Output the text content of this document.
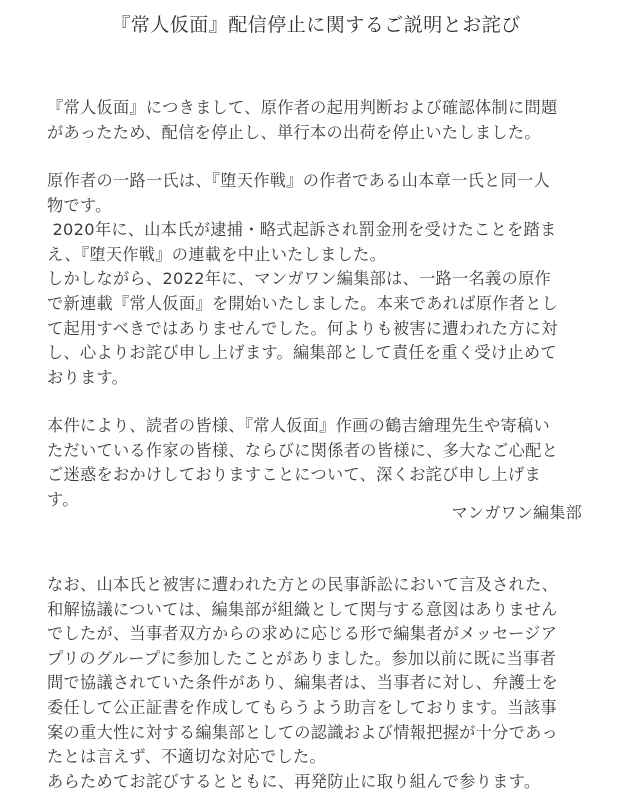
『常人仮面』配信停止に関するご説明とお詫び
『常人仮面』につきまして、原作者の起用判断および確認体制に問題
があったため、配信を停止し、単行本の出荷を停止いたしました。
原作者の一路一氏は、『堕天作戦』の作者である山本章一氏と同一人
物です。
2020年に、山本氏が逮捕・略式起訴され罰金刑を受けたことを踏ま
え、『堕天作戦』の連載を中止いたしました。
しかしながら、2022年に、マンガワン編集部は、一路一名義の原作
で新連載『常人仮面』を開始いたしました。本来であれば原作者とし
て起用すべきではありませんでした。何よりも被害に遭われた方に対
し、心よりお詫び申し上げます。編集部として責任を重く受け止めて
おります。
本件により、読者の皆様、『常人仮面』作画の鶴吉繪理先生や寄稿い
ただいている作家の皆様、ならびに関係者の皆様に、多大なご心配と
ご迷惑をおかけしておりますことについて、深くお詫び申し上げま
す。
マンガワン編集部
なお、山本氏と被害に遭われた方との民事訴訟において言及された、
和解協議については、編集部が組織として関与する意図はありません
でしたが、当事者双方からの求めに応じる形で編集者がメッセージア
プリのグループに参加したことがありました。参加以前に既に当事者
間で協議されていた条件があり、編集者は、当事者に対し、弁護士を
委任して公正証書を作成してもらうよう助言をしております。当該事
案の重大性に対する編集部としての認識および情報把握が十分であっ
たとは言えず、不適切な対応でした。
あらためてお詫びするとともに、再発防止に取り組んで参ります。
